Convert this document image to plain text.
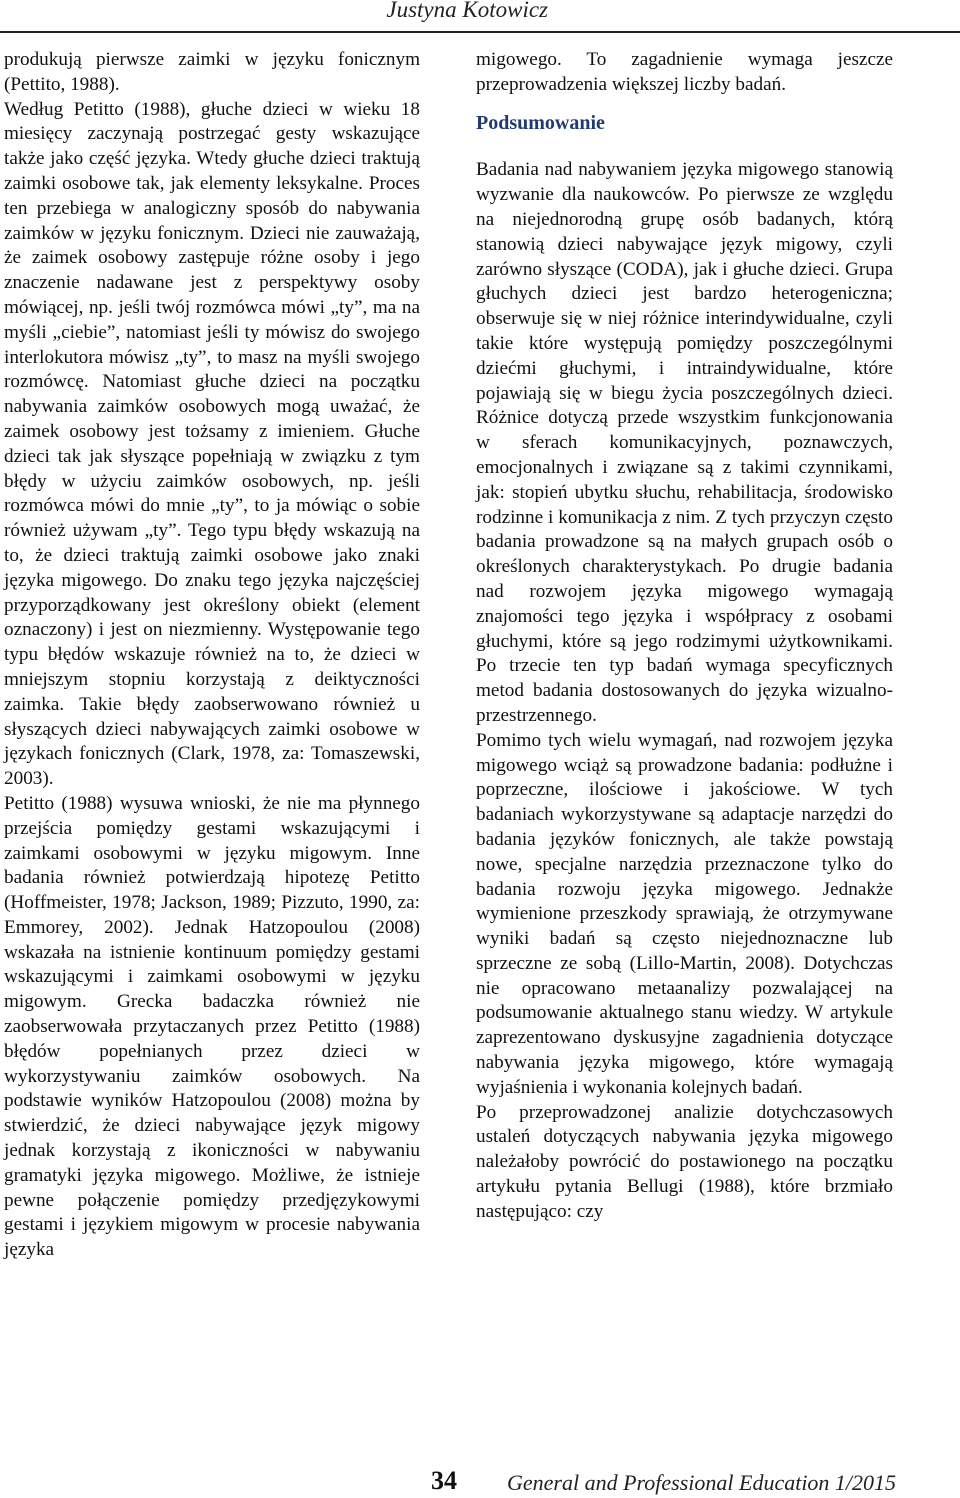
Justyna Kotowicz

produkują pierwsze zaimki w języku fonicznym (Pettito, 1988).

Według Petitto (1988), głuche dzieci w wieku 18 miesięcy zaczynają postrzegać gesty wskazujące także jako część języka. Wtedy głuche dzieci traktują zaimki osobowe tak, jak elementy leksykalne. Proces ten przebiega w analogiczny sposób do nabywania zaimków w języku fonicznym. Dzieci nie zauważają, że zaimek osobowy zastępuje różne osoby i jego znaczenie nadawane jest z perspektywy osoby mówiącej, np. jeśli twój rozmówca mówi „ty”, ma na myśli „ciebie”, natomiast jeśli ty mówisz do swojego interlokutora mówisz „ty”, to masz na myśli swojego rozmówcę. Natomiast głuche dzieci na początku nabywania zaimków osobowych mogą uważać, że zaimek osobowy jest tożsamy z imieniem. Głuche dzieci tak jak słyszące popełniają w związku z tym błędy w użyciu zaimków osobowych, np. jeśli rozmówca mówi do mnie „ty”, to ja mówiąc o sobie również używam „ty”. Tego typu błędy wskazują na to, że dzieci traktują zaimki osobowe jako znaki języka migowego. Do znaku tego języka najczęściej przyporządkowany jest określony obiekt (element oznaczony) i jest on niezmienny. Występowanie tego typu błędów wskazuje również na to, że dzieci w mniejszym stopniu korzystają z deiktyczności zaimka. Takie błędy zaobserwowano również u słyszących dzieci nabywających zaimki osobowe w językach fonicznych (Clark, 1978, za: Tomaszewski, 2003).

Petitto (1988) wysuwa wnioski, że nie ma płynnego przejścia pomiędzy gestami wskazującymi i zaimkami osobowymi w języku migowym. Inne badania również potwierdzają hipotezę Petitto (Hoffmeister, 1978; Jackson, 1989; Pizzuto, 1990, za: Emmorey, 2002). Jednak Hatzopoulou (2008) wskazała na istnienie kontinuum pomiędzy gestami wskazującymi i zaimkami osobowymi w języku migowym. Grecka badaczka również nie zaobserwowała przytaczanych przez Petitto (1988) błędów popełnianych przez dzieci w wykorzystywaniu zaimków osobowych. Na podstawie wyników Hatzopoulou (2008) można by stwierdzić, że dzieci nabywające język migowy jednak korzystają z ikoniczności w nabywaniu gramatyki języka migowego. Możliwe, że istnieje pewne połączenie pomiędzy przedjęzykowymi gestami i językiem migowym w procesie nabywania języka

migowego. To zagadnienie wymaga jeszcze przeprowadzenia większej liczby badań.

Podsumowanie

Badania nad nabywaniem języka migowego stanowią wyzwanie dla naukowców. Po pierwsze ze względu na niejednorodną grupę osób badanych, którą stanowią dzieci nabywające język migowy, czyli zarówno słyszące (CODA), jak i głuche dzieci. Grupa głuchych dzieci jest bardzo heterogeniczna; obserwuje się w niej różnice interindywidualne, czyli takie które występują pomiędzy poszczególnymi dziećmi głuchymi, i intraindywidualne, które pojawiają się w biegu życia poszczególnych dzieci. Różnice dotyczą przede wszystkim funkcjonowania w sferach komunikacyjnych, poznawczych, emocjonalnych i związane są z takimi czynnikami, jak: stopień ubytku słuchu, rehabilitacja, środowisko rodzinne i komunikacja z nim. Z tych przyczyn często badania prowadzone są na małych grupach osób o określonych charakterystykach. Po drugie badania nad rozwojem języka migowego wymagają znajomości tego języka i współpracy z osobami głuchymi, które są jego rodzimymi użytkownikami. Po trzecie ten typ badań wymaga specyficznych metod badania dostosowanych do języka wizualno-przestrzennego.

Pomimo tych wielu wymagań, nad rozwojem języka migowego wciąż są prowadzone badania: podłużne i poprzeczne, ilościowe i jakościowe. W tych badaniach wykorzystywane są adaptacje narzędzi do badania języków fonicznych, ale także powstają nowe, specjalne narzędzia przeznaczone tylko do badania rozwoju języka migowego. Jednakże wymienione przeszkody sprawiają, że otrzymywane wyniki badań są często niejednoznaczne lub sprzeczne ze sobą (Lillo-Martin, 2008). Dotychczas nie opracowano metaanalizy pozwalającej na podsumowanie aktualnego stanu wiedzy. W artykule zaprezentowano dyskusyjne zagadnienia dotyczące nabywania języka migowego, które wymagają wyjaśnienia i wykonania kolejnych badań.

Po przeprowadzonej analizie dotychczasowych ustaleń dotyczących nabywania języka migowego należałoby powrócić do postawionego na początku artykułu pytania Bellugi (1988), które brzmiało następująco: czy

34 General and Professional Education 1/2015
